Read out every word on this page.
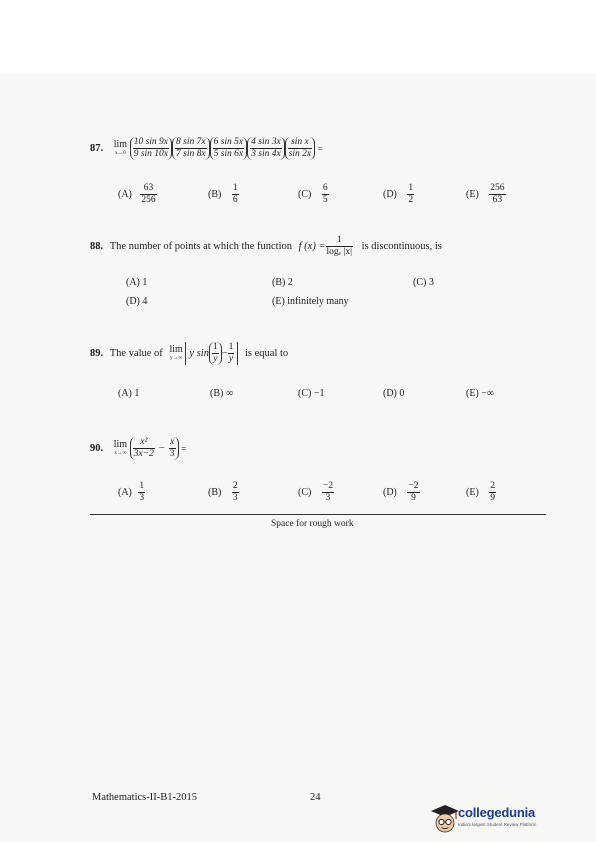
87. lim
x→0
$\frac{10 \sin 9x}{9 \sin 10x} \frac{8 \sin 7x}{7 \sin 8x} \frac{6 \sin 5x}{5 \sin 6x} \frac{4 \sin 3x}{3 \sin 4x} \frac{\text{sin x}}{\sin 2x}$ =
$(A) \frac{63}{256}$	$(B) \frac{1}{6}$	$(C) \frac{6}{5}$	$(D) \frac{1}{2}$	$(E) \frac{256}{63}$
88. The number of points at which the function f $(x) = \frac{1}{\text{logₑ |x|}}$ is discontinuous, is
(A) 1	(B) 2	(C) 3
(D) 4	(E) infinitely many
89. The value of lim
y→∞ y $\sin \frac{1}{y} - \frac{1}{y}$ is equal to
(A) 1	(B) ∞	(C) −1	(D) 0	(E) −∞
90. lim
x→∞
$\frac{\text{x²}}{3x-2} - \frac{x}{3}$ =
$(A) \frac{1}{3}$	$(B) \frac{2}{3}$	$(C) \frac{-2}{3}$	$(D) \frac{-2}{9}$	$(E) \frac{2}{9}$
Space for rough work
Mathematics-II-B1-2015	24
collegedunia
India's largest Student Review Platform
